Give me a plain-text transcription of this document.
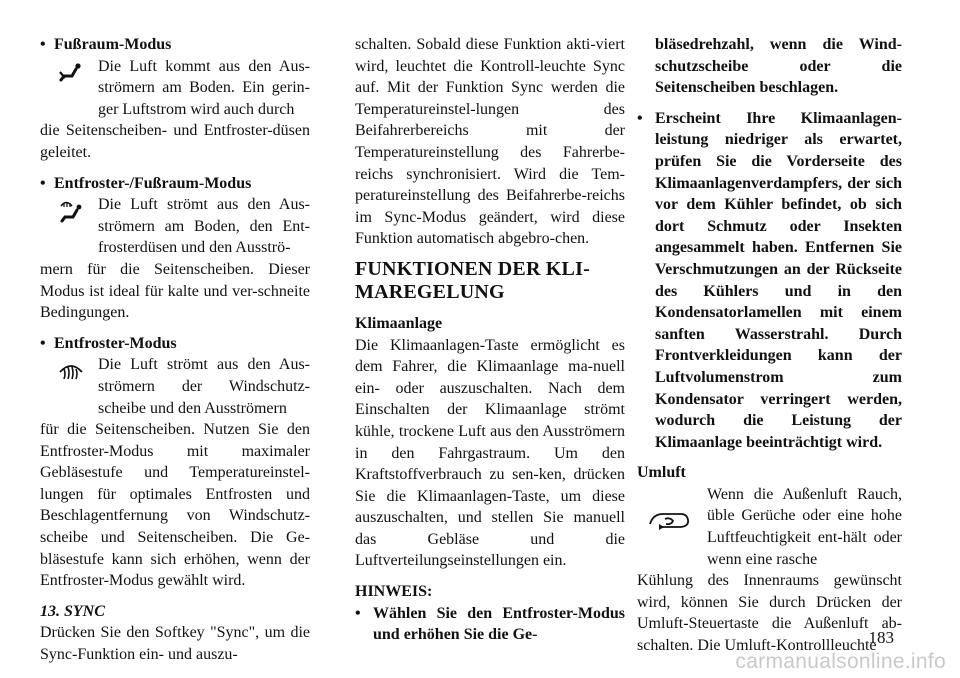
• Fußraum-Modus

Die Luft kommt aus den Aus-strömern am Boden. Ein gerin-ger Luftstrom wird auch durch

die Seitenscheiben- und Entfroster-düsen geleitet.

• Entfroster-/Fußraum-Modus

Die Luft strömt aus den Aus-strömern am Boden, den Ent-frosterdüsen und den Ausströ-

mern für die Seitenscheiben. Dieser Modus ist ideal für kalte und ver-schneite Bedingungen.

• Entfroster-Modus

Die Luft strömt aus den Aus-strömern der Windschutz-scheibe und den Ausströmern

für die Seitenscheiben. Nutzen Sie den Entfroster-Modus mit maximaler Gebläsestufe und Temperatureinstel-lungen für optimales Entfrosten und Beschlagentfernung von Windschutz-scheibe und Seitenscheiben. Die Ge-bläsestufe kann sich erhöhen, wenn der Entfroster-Modus gewählt wird.

13. SYNC

Drücken Sie den Softkey "Sync", um die Sync-Funktion ein- und auszu-

schalten. Sobald diese Funktion akti-viert wird, leuchtet die Kontroll-leuchte Sync auf. Mit der Funktion Sync werden die Temperatureinstel-lungen des Beifahrerbereichs mit der Temperatureinstellung des Fahrerbe-reichs synchronisiert. Wird die Tem-peratureinstellung des Beifahrerbe-reichs im Sync-Modus geändert, wird diese Funktion automatisch abgebro-chen.

FUNKTIONEN DER KLI-
MAREGELUNG

Klimaanlage

Die Klimaanlagen-Taste ermöglicht es dem Fahrer, die Klimaanlage ma-nuell ein- oder auszuschalten. Nach dem Einschalten der Klimaanlage strömt kühle, trockene Luft aus den Ausströmern in den Fahrgastraum. Um den Kraftstoffverbrauch zu sen-ken, drücken Sie die Klimaanlagen-Taste, um diese auszuschalten, und stellen Sie manuell das Gebläse und die Luftverteilungseinstellungen ein.

HINWEIS:

• Wählen Sie den Entfroster-Modus und erhöhen Sie die Ge-
bläsedrehzahl, wenn die Wind-schutzscheibe oder die Seitenscheiben beschlagen.
• Erscheint Ihre Klimaanlagen-leistung niedriger als erwartet, prüfen Sie die Vorderseite des Klimaanlagenverdampfers, der sich vor dem Kühler befindet, ob sich dort Schmutz oder Insekten angesammelt haben. Entfernen Sie Verschmutzungen an der Rückseite des Kühlers und in den Kondensatorlamellen mit einem sanften Wasserstrahl. Durch Frontverkleidungen kann der Luftvolumenstrom zum Kondensator verringert werden, wodurch die Leistung der Klimaanlage beeinträchtigt wird.

Umluft

Wenn die Außenluft Rauch, üble Gerüche oder eine hohe Luftfeuchtigkeit ent-hält oder wenn eine rasche

Kühlung des Innenraums gewünscht wird, können Sie durch Drücken der Umluft-Steuertaste die Außenluft ab-schalten. Die Umluft-Kontrollleuchte

183
carmanualsonline.info
